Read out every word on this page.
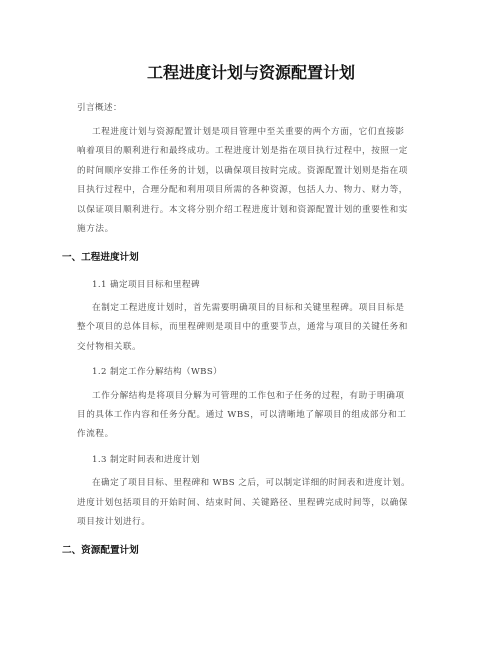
工程进度计划与资源配置计划
引言概述：
工程进度计划与资源配置计划是项目管理中至关重要的两个方面，它们直接影
响着项目的顺利进行和最终成功。工程进度计划是指在项目执行过程中，按照一定
的时间顺序安排工作任务的计划，以确保项目按时完成。资源配置计划则是指在项
目执行过程中，合理分配和利用项目所需的各种资源，包括人力、物力、财力等，
以保证项目顺利进行。本文将分别介绍工程进度计划和资源配置计划的重要性和实
施方法。
一、工程进度计划
1.1 确定项目目标和里程碑
在制定工程进度计划时，首先需要明确项目的目标和关键里程碑。项目目标是
整个项目的总体目标，而里程碑则是项目中的重要节点，通常与项目的关键任务和
交付物相关联。
1.2 制定工作分解结构（WBS）
工作分解结构是将项目分解为可管理的工作包和子任务的过程，有助于明确项
目的具体工作内容和任务分配。通过 WBS，可以清晰地了解项目的组成部分和工
作流程。
1.3 制定时间表和进度计划
在确定了项目目标、里程碑和 WBS 之后，可以制定详细的时间表和进度计划。
进度计划包括项目的开始时间、结束时间、关键路径、里程碑完成时间等，以确保
项目按计划进行。
二、资源配置计划
